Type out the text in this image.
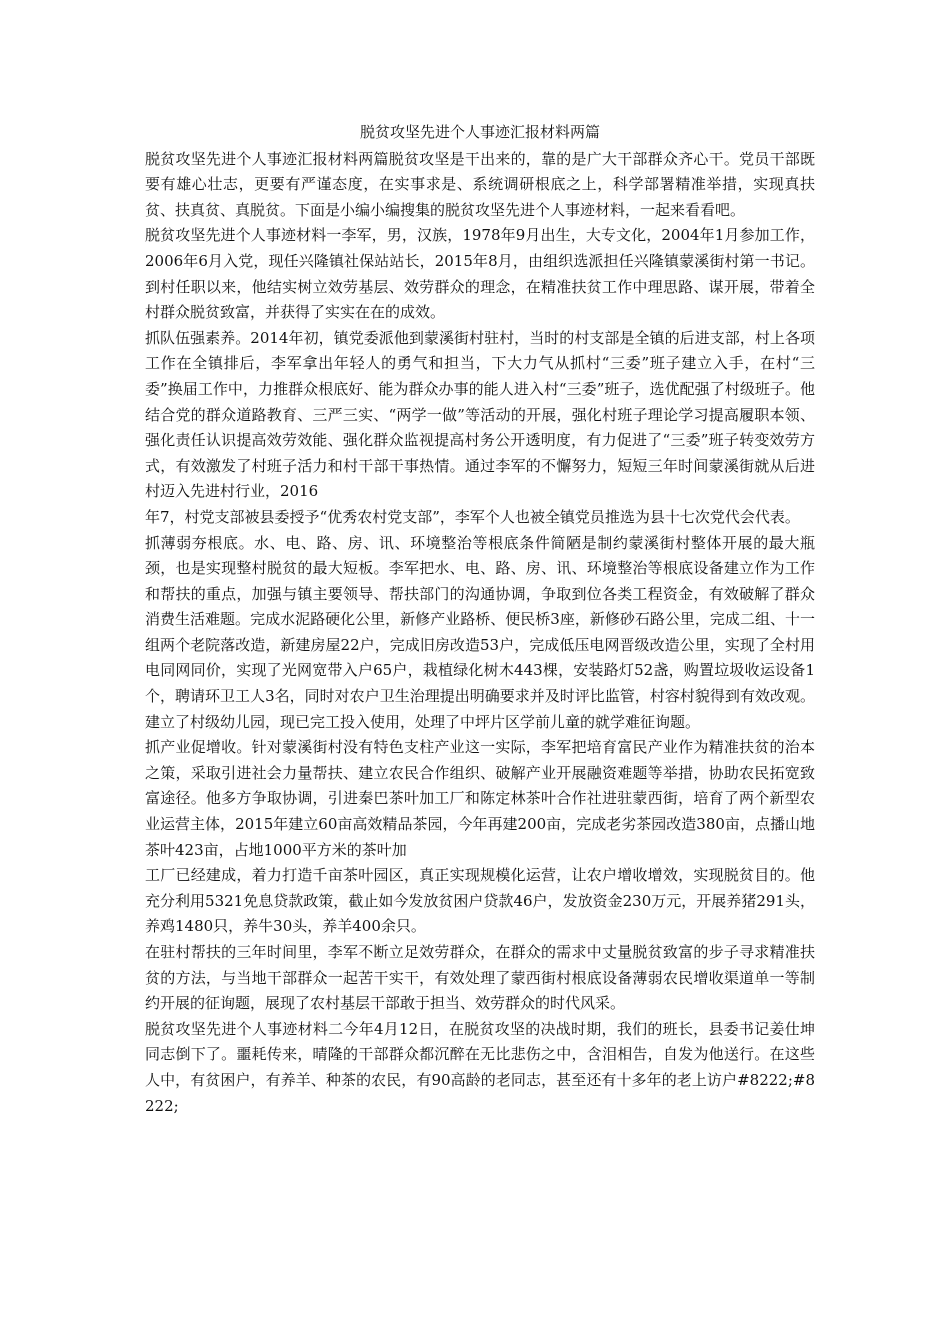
脱贫攻坚先进个人事迹汇报材料两篇

脱贫攻坚先进个人事迹汇报材料两篇脱贫攻坚是干出来的，靠的是广大干部群众齐心干。党员干部既要有雄心壮志，更要有严谨态度，在实事求是、系统调研根底之上，科学部署精准举措，实现真扶贫、扶真贫、真脱贫。下面是小编小编搜集的脱贫攻坚先进个人事迹材料，一起来看看吧。

脱贫攻坚先进个人事迹材料一李军，男，汉族，1978年9月出生，大专文化，2004年1月参加工作，2006年6月入党，现任兴隆镇社保站站长，2015年8月，由组织选派担任兴隆镇蒙溪街村第一书记。到村任职以来，他结实树立效劳基层、效劳群众的理念，在精准扶贫工作中理思路、谋开展，带着全村群众脱贫致富，并获得了实实在在的成效。

抓队伍强素养。2014年初，镇党委派他到蒙溪街村驻村，当时的村支部是全镇的后进支部，村上各项工作在全镇排后，李军拿出年轻人的勇气和担当，下大力气从抓村“三委”班子建立入手，在村“三委”换届工作中，力推群众根底好、能为群众办事的能人进入村“三委”班子，选优配强了村级班子。他结合党的群众道路教育、三严三实、“两学一做”等活动的开展，强化村班子理论学习提高履职本领、强化责任认识提高效劳效能、强化群众监视提高村务公开透明度，有力促进了“三委”班子转变效劳方式，有效激发了村班子活力和村干部干事热情。通过李军的不懈努力，短短三年时间蒙溪街就从后进村迈入先进村行业，2016

年7，村党支部被县委授予“优秀农村党支部”，李军个人也被全镇党员推选为县十七次党代会代表。

抓薄弱夯根底。水、电、路、房、讯、环境整治等根底条件简陋是制约蒙溪街村整体开展的最大瓶颈，也是实现整村脱贫的最大短板。李军把水、电、路、房、讯、环境整治等根底设备建立作为工作和帮扶的重点，加强与镇主要领导、帮扶部门的沟通协调，争取到位各类工程资金，有效破解了群众消费生活难题。完成水泥路硬化公里，新修产业路桥、便民桥3座，新修砂石路公里，完成二组、十一组两个老院落改造，新建房屋22户，完成旧房改造53户，完成低压电网晋级改造公里，实现了全村用电同网同价，实现了光网宽带入户65户，栽植绿化树木443棵，安装路灯52盏，购置垃圾收运设备1个，聘请环卫工人3名，同时对农户卫生治理提出明确要求并及时评比监管，村容村貌得到有效改观。建立了村级幼儿园，现已完工投入使用，处理了中坪片区学前儿童的就学难征询题。

抓产业促增收。针对蒙溪街村没有特色支柱产业这一实际，李军把培育富民产业作为精准扶贫的治本之策，采取引进社会力量帮扶、建立农民合作组织、破解产业开展融资难题等举措，协助农民拓宽致富途径。他多方争取协调，引进秦巴茶叶加工厂和陈定林茶叶合作社进驻蒙西街，培育了两个新型农业运营主体，2015年建立60亩高效精品茶园，今年再建200亩，完成老劣茶园改造380亩，点播山地茶叶423亩，占地1000平方米的茶叶加

工厂已经建成，着力打造千亩茶叶园区，真正实现规模化运营，让农户增收增效，实现脱贫目的。他充分利用5321免息贷款政策，截止如今发放贫困户贷款46户，发放资金230万元，开展养猪291头，养鸡1480只，养牛30头，养羊400余只。

在驻村帮扶的三年时间里，李军不断立足效劳群众，在群众的需求中丈量脱贫致富的步子寻求精准扶贫的方法，与当地干部群众一起苦干实干，有效处理了蒙西街村根底设备薄弱农民增收渠道单一等制约开展的征询题，展现了农村基层干部敢于担当、效劳群众的时代风采。

脱贫攻坚先进个人事迹材料二今年4月12日，在脱贫攻坚的决战时期，我们的班长，县委书记姜仕坤同志倒下了。噩耗传来，晴隆的干部群众都沉醉在无比悲伤之中，含泪相告，自发为他送行。在这些人中，有贫困户，有养羊、种茶的农民，有90高龄的老同志，甚至还有十多年的老上访户#8222;#8222;
